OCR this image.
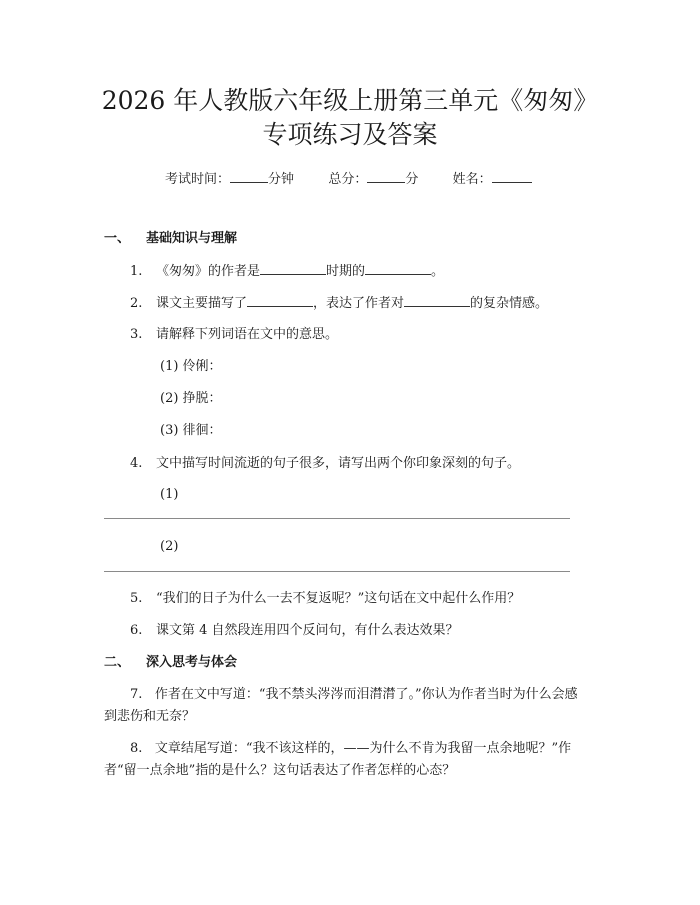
2026 年人教版六年级上册第三单元《匆匆》
专项练习及答案
考试时间：	分钟	总分：	分	姓名：
一、 基础知识与理解
1. 《匆匆》的作者是	时期的	。
2. 课文主要描写了	，表达了作者对	的复杂情感。
3. 请解释下列词语在文中的意思。
(1) 伶俐：
(2) 挣脱：
(3) 徘徊：
4. 文中描写时间流逝的句子很多，请写出两个你印象深刻的句子。
(1)
(2)
5. “我们的日子为什么一去不复返呢？”这句话在文中起什么作用？
6. 课文第 4 自然段连用四个反问句，有什么表达效果？
二、 深入思考与体会
7. 作者在文中写道：“我不禁头涔涔而泪潸潸了。”你认为作者当时为什么会感到悲伤和无奈？
8. 文章结尾写道：“我不该这样的，——为什么不肯为我留一点余地呢？”作者“留一点余地”指的是什么？这句话表达了作者怎样的心态？
